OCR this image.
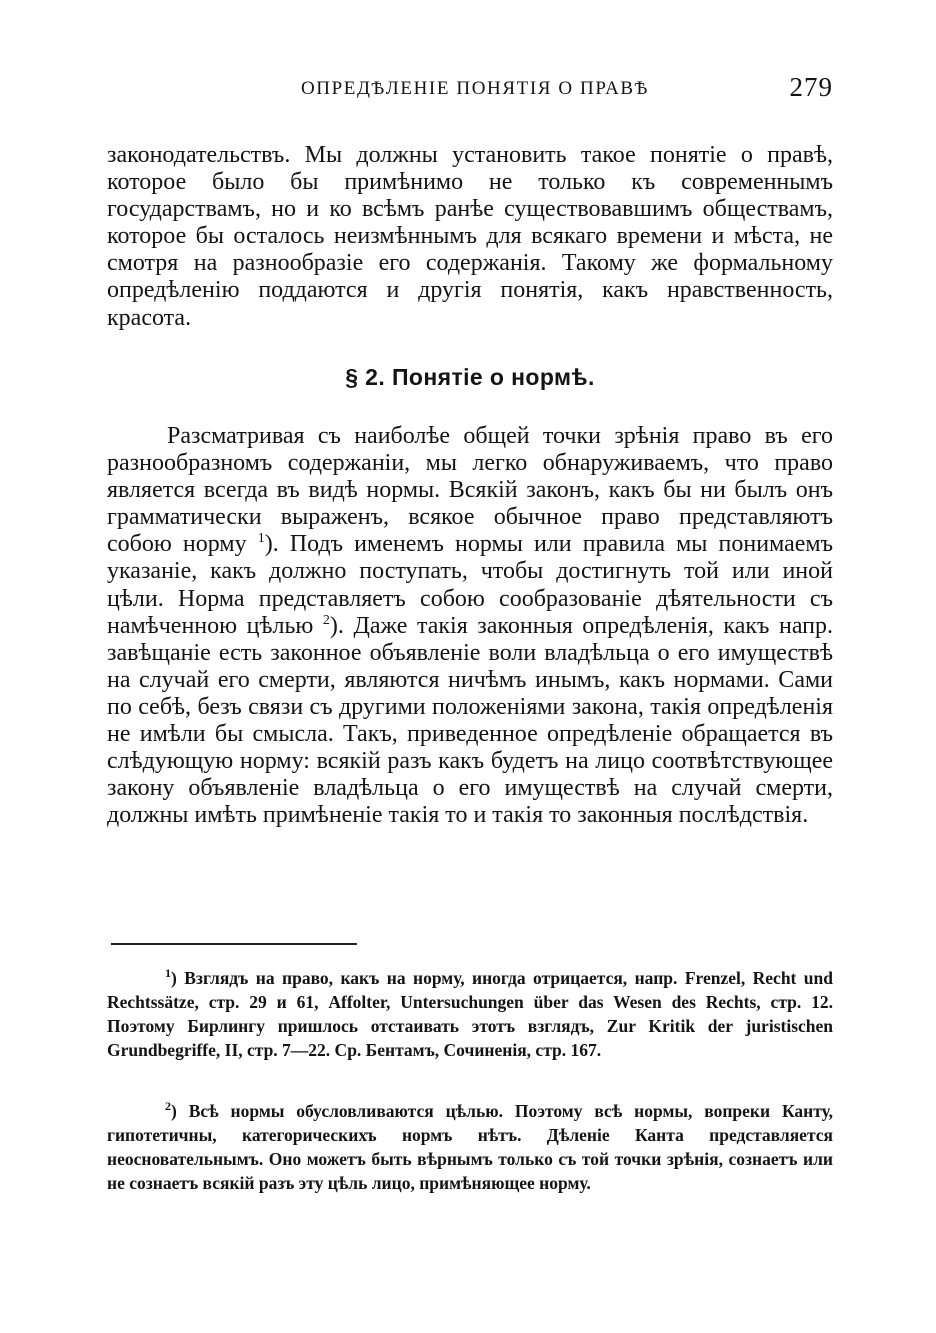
ОПРЕДѢЛЕНІЕ ПОНЯТІЯ О ПРАВѢ	279

законодательствъ. Мы должны установить такое понятіе о правѣ, которое было бы примѣнимо не только къ современнымъ государствамъ, но и ко всѣмъ ранѣе существовавшимъ обществамъ, которое бы осталось неизмѣннымъ для всякаго времени и мѣста, не смотря на разнообразіе его содержанія. Такому же формальному опредѣленію поддаются и другія понятія, какъ нравственность, красота.

§ 2. Понятіе о нормѣ.

Разсматривая съ наиболѣе общей точки зрѣнія право въ его разнообразномъ содержаніи, мы легко обнаруживаемъ, что право является всегда въ видѣ нормы. Всякій законъ, какъ бы ни былъ онъ грамматически выраженъ, всякое обычное право представляютъ собою норму $^1$). Подъ именемъ нормы или правила мы понимаемъ указаніе, какъ должно поступать, чтобы достигнуть той или иной цѣли. Норма представляетъ собою сообразованіе дѣятельности съ намѣченною цѣлью $^2$). Даже такія законныя опредѣленія, какъ напр. завѣщаніе есть законное объявленіе воли владѣльца о его имуществѣ на случай его смерти, являются ничѣмъ инымъ, какъ нормами. Сами по себѣ, безъ связи съ другими положеніями закона, такія опредѣленія не имѣли бы смысла. Такъ, приведенное опредѣленіе обращается въ слѣдующую норму: всякій разъ какъ будетъ на лицо соотвѣтствующее закону объявленіе владѣльца о его имуществѣ на случай смерти, должны имѣть примѣненіе такія то и такія то законныя послѣдствія.

$^1$) Взглядъ на право, какъ на норму, иногда отрицается, напр. Frenzel, Recht und Rechtssätze, стр. 29 и 61, Affolter, Untersuchungen über das Wesen des Rechts, стр. 12. Поэтому Бирлингу пришлось отстаивать этотъ взглядъ, Zur Kritik der juristischen Grundbegriffe, II, стр. 7—22. Ср. Бентамъ, Сочиненія, стр. 167.

$^2$) Всѣ нормы обусловливаются цѣлью. Поэтому всѣ нормы, вопреки Канту, гипотетичны, категорическихъ нормъ нѣтъ. Дѣленіе Канта представляется неосновательнымъ. Оно можетъ быть вѣрнымъ только съ той точки зрѣнія, сознаетъ или не сознаетъ всякій разъ эту цѣль лицо, примѣняющее норму.
